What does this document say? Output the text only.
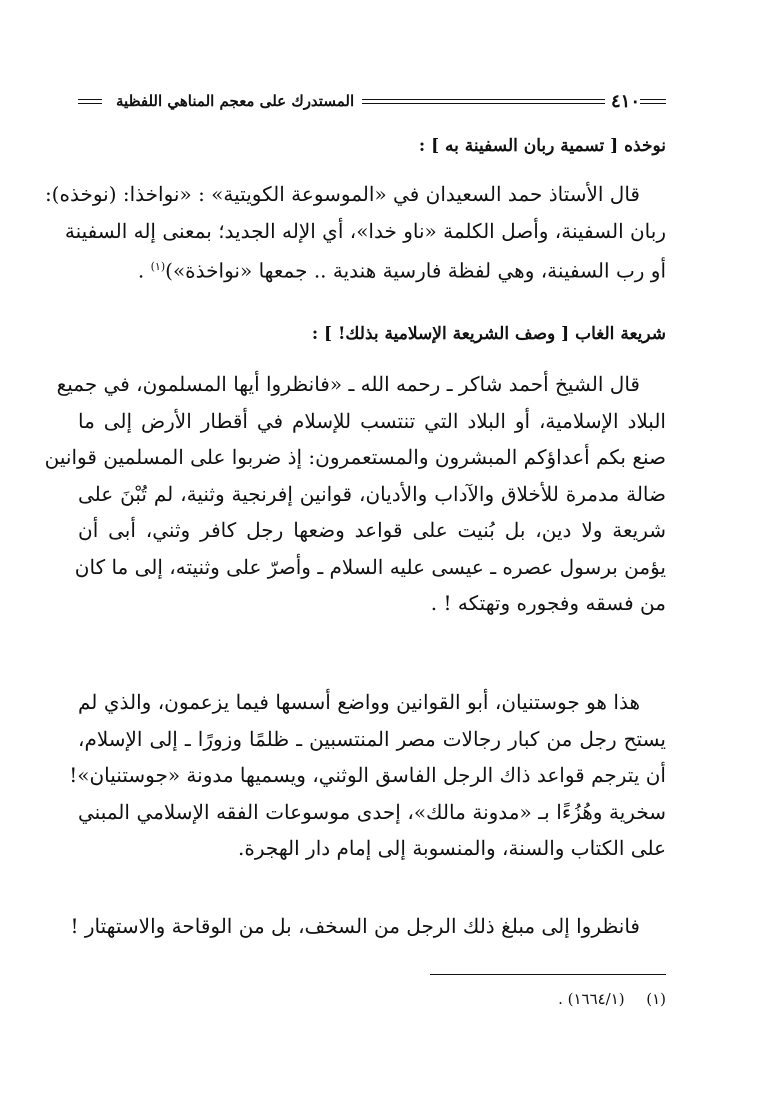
٤١٠
المستدرك على معجم المناهي اللفظية
نوخذه [ تسمية ربان السفينة به ] :
قال الأستاذ حمد السعيدان في «الموسوعة الكويتية» : «نواخذا: (نوخذه):
ربان السفينة، وأصل الكلمة «ناو خدا»، أي الإله الجديد؛ بمعنى إله السفينة
أو رب السفينة، وهي لفظة فارسية هندية .. جمعها «نواخذة»)$^{(١)}$ .
شريعة الغاب [ وصف الشريعة الإسلامية بذلك! ] :
قال الشيخ أحمد شاكر ـ رحمه الله ـ «فانظروا أيها المسلمون، في جميع
البلاد الإسلامية، أو البلاد التي تنتسب للإسلام في أقطار الأرض إلى ما
صنع بكم أعداؤكم المبشرون والمستعمرون: إذ ضربوا على المسلمين قوانين
ضالة مدمرة للأخلاق والآداب والأديان، قوانين إفرنجية وثنية، لم تُبْنَ على
شريعة ولا دين، بل بُنيت على قواعد وضعها رجل كافر وثني، أبى أن
يؤمن برسول عصره ـ عيسى عليه السلام ـ وأصرّ على وثنيته، إلى ما كان
من فسقه وفجوره وتهتكه ! .
هذا هو جوستنيان، أبو القوانين وواضع أسسها فيما يزعمون، والذي لم
يستح رجل من كبار رجالات مصر المنتسبين ـ ظلمًا وزورًا ـ إلى الإسلام،
أن يترجم قواعد ذاك الرجل الفاسق الوثني، ويسميها مدونة «جوستنيان»!
سخرية وهُزُءًا بـ «مدونة مالك»، إحدى موسوعات الفقه الإسلامي المبني
على الكتاب والسنة، والمنسوبة إلى إمام دار الهجرة.
فانظروا إلى مبلغ ذلك الرجل من السخف، بل من الوقاحة والاستهتار !
(١)  (١٦٦٤/١) .
